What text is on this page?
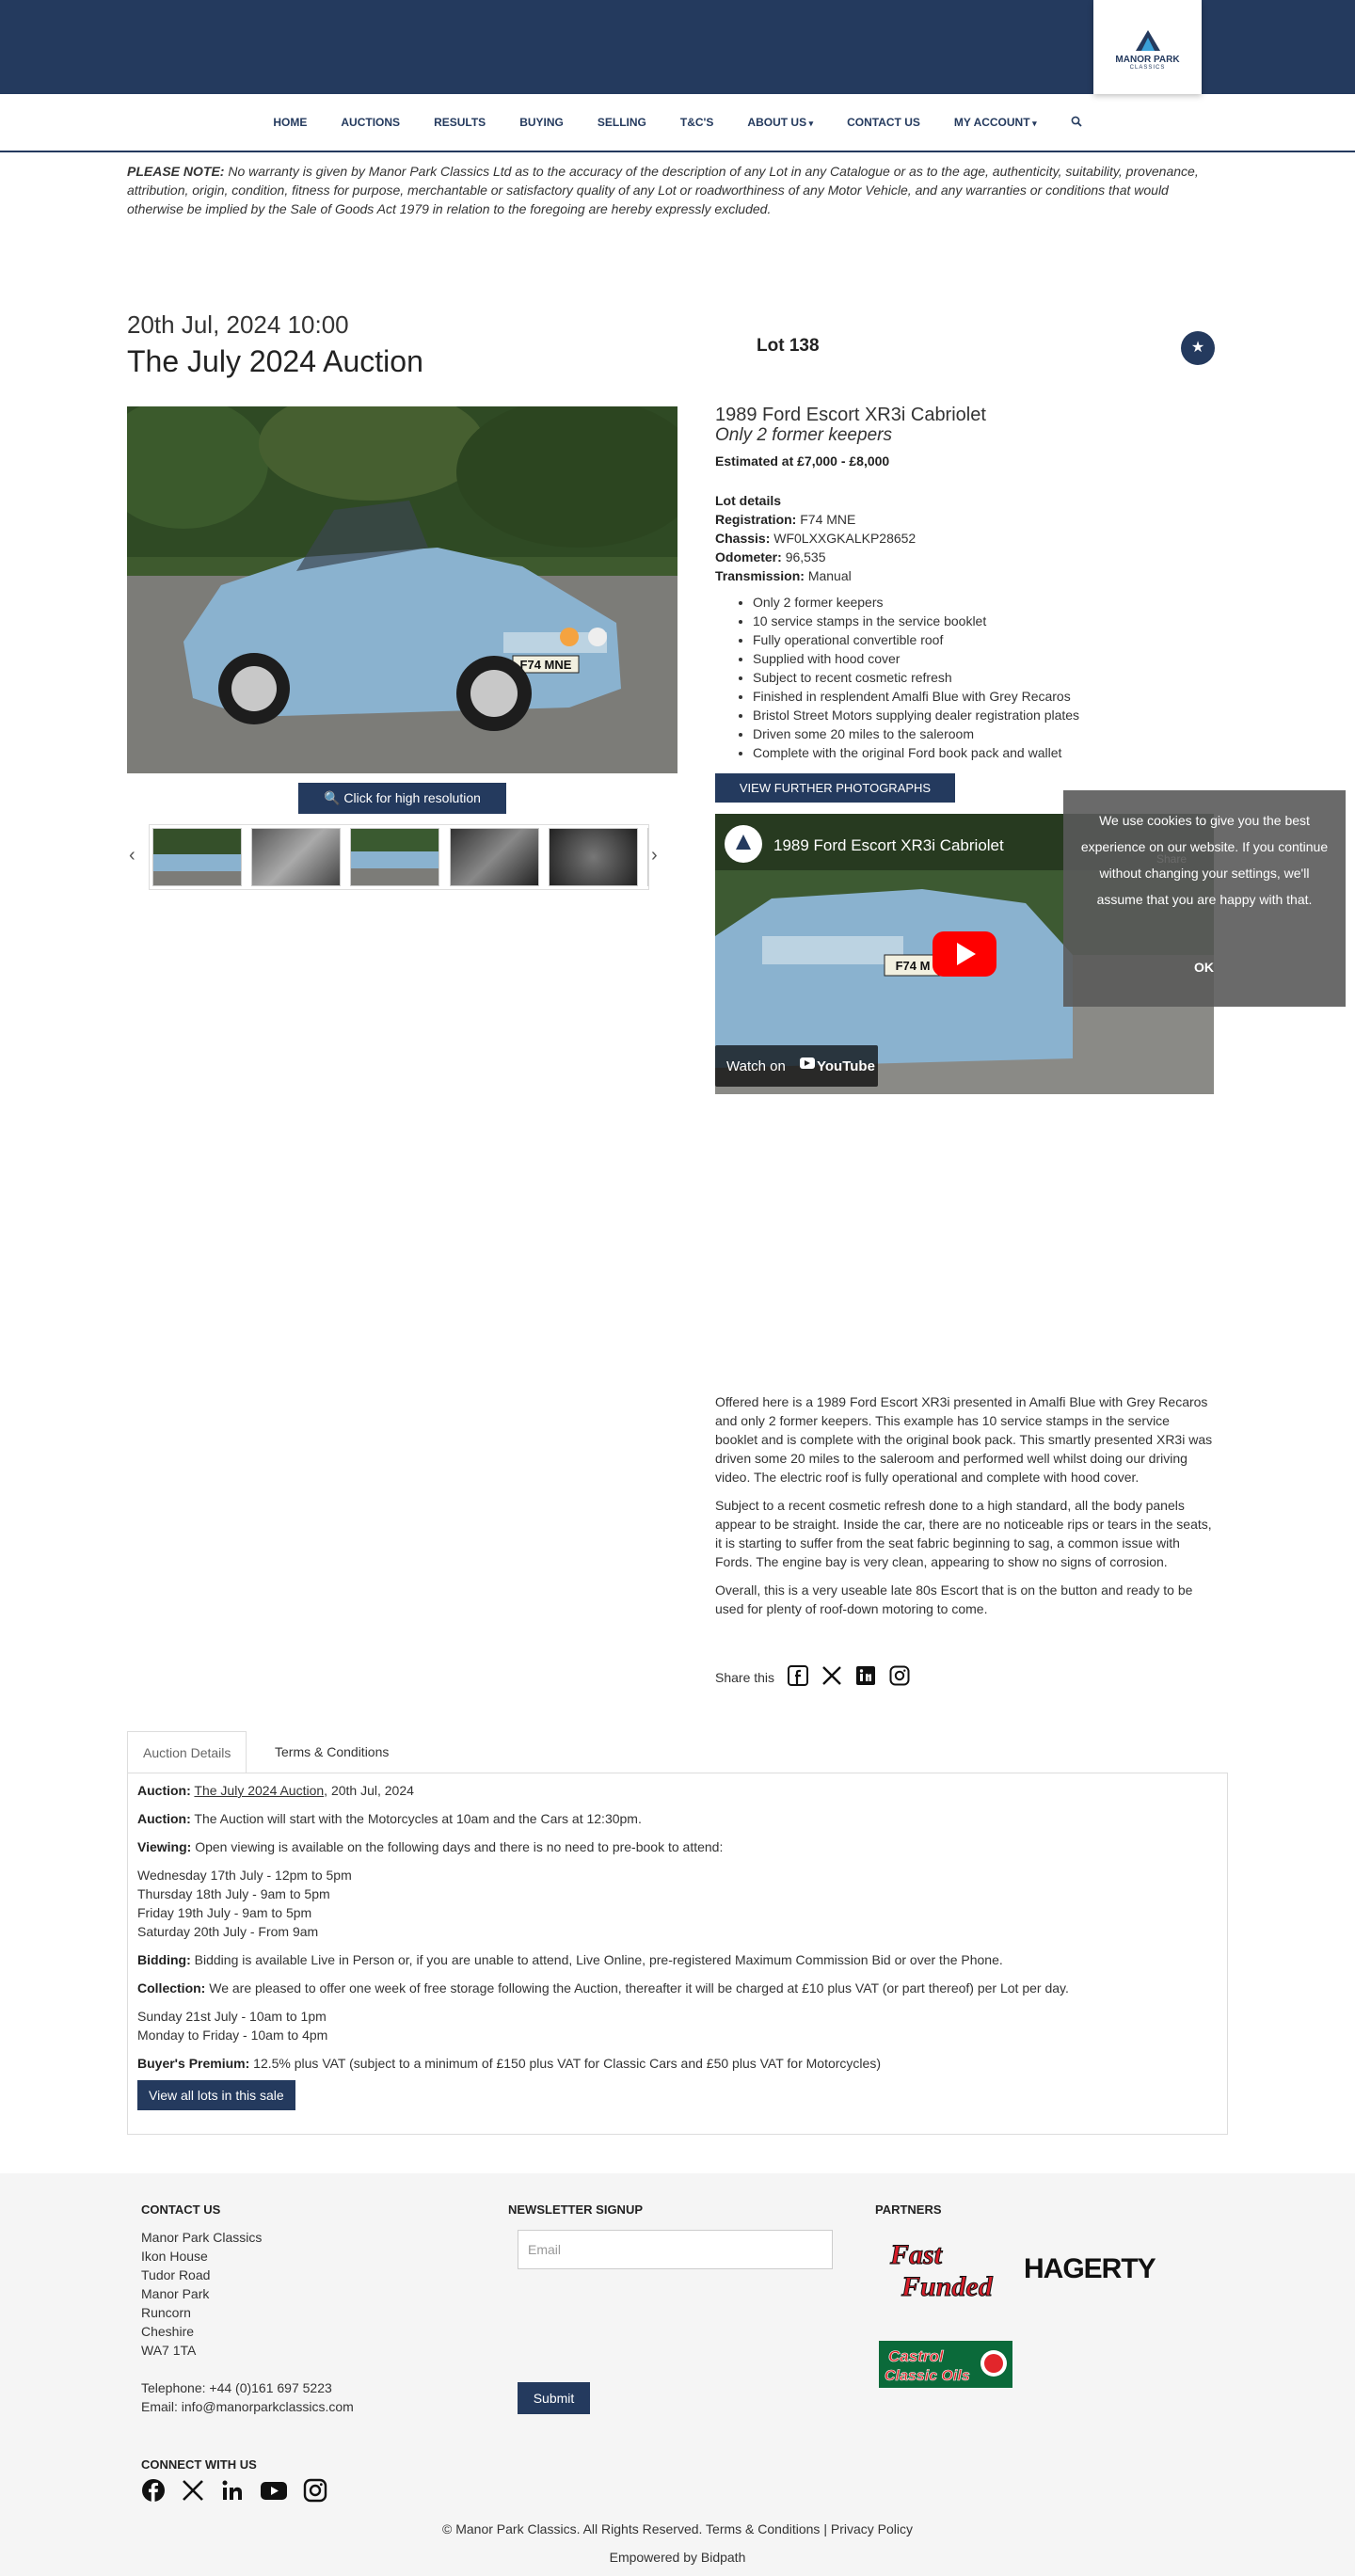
MANOR PARK
CLASSICS
HOME	AUCTIONS	RESULTS	BUYING	SELLING	T&C'S	ABOUT US ▾	CONTACT US	MY ACCOUNT ▾
PLEASE NOTE: No warranty is given by Manor Park Classics Ltd as to the accuracy of the description of any Lot in any Catalogue or as to the age, authenticity, suitability, provenance, attribution, origin, condition, fitness for purpose, merchantable or satisfactory quality of any Lot or roadworthiness of any Motor Vehicle, and any warranties or conditions that would otherwise be implied by the Sale of Goods Act 1979 in relation to the foregoing are hereby expressly excluded.
20th Jul, 2024 10:00
The July 2024 Auction	Lot 138	★
F74 MNE
🔍 Click for high resolution
‹
	›
1989 Ford Escort XR3i Cabriolet
Only 2 former keepers
Estimated at £7,000 - £8,000
Lot details
Registration: F74 MNE
Chassis: WF0LXXGKALKP28652
Odometer: 96,535
Transmission: Manual
• Only 2 former keepers
• 10 service stamps in the service booklet
• Fully operational convertible roof
• Supplied with hood cover
• Subject to recent cosmetic refresh
• Finished in resplendent Amalfi Blue with Grey Recaros
• Bristol Street Motors supplying dealer registration plates
• Driven some 20 miles to the saleroom
• Complete with the original Ford book pack and wallet
VIEW FURTHER PHOTOGRAPHS
F74 M
1989 Ford Escort XR3i Cabriolet
Watch on YouTube

Offered here is a 1989 Ford Escort XR3i presented in Amalfi Blue with Grey Recaros and only 2 former keepers. This example has 10 service stamps in the service booklet and is complete with the original book pack. This smartly presented XR3i was driven some 20 miles to the saleroom and performed well whilst doing our driving video. The electric roof is fully operational and complete with hood cover.

Subject to a recent cosmetic refresh done to a high standard, all the body panels appear to be straight. Inside the car, there are no noticeable rips or tears in the seats, it is starting to suffer from the seat fabric beginning to sag, a common issue with Fords. The engine bay is very clean, appearing to show no signs of corrosion.

Overall, this is a very useable late 80s Escort that is on the button and ready to be used for plenty of roof-down motoring to come.

Share this
We use cookies to give you the best experience on our website. If you continue without changing your settings, we'll assume that you are happy with that.
OK
Auction Details	Terms & Conditions

Auction: The July 2024 Auction, 20th Jul, 2024

Auction: The Auction will start with the Motorcycles at 10am and the Cars at 12:30pm.

Viewing: Open viewing is available on the following days and there is no need to pre-book to attend:

Wednesday 17th July - 12pm to 5pm
Thursday 18th July - 9am to 5pm
Friday 19th July - 9am to 5pm
Saturday 20th July - From 9am

Bidding: Bidding is available Live in Person or, if you are unable to attend, Live Online, pre-registered Maximum Commission Bid or over the Phone.

Collection: We are pleased to offer one week of free storage following the Auction, thereafter it will be charged at £10 plus VAT (or part thereof) per Lot per day.

Sunday 21st July - 10am to 1pm
Monday to Friday - 10am to 4pm

Buyer's Premium: 12.5% plus VAT (subject to a minimum of £150 plus VAT for Classic Cars and £50 plus VAT for Motorcycles)

View all lots in this sale
CONTACT US
Manor Park Classics
Ikon House
Tudor Road
Manor Park
Runcorn
Cheshire
WA7 1TA
Telephone: +44 (0)161 697 5223
Email: info@manorparkclassics.com
NEWSLETTER SIGNUP
Email
Submit
PARTNERS
Fast
Funded
HAGERTY
Castrol
Classic Oils
CONNECT WITH US
© Manor Park Classics. All Rights Reserved. Terms & Conditions | Privacy Policy
Empowered by Bidpath
